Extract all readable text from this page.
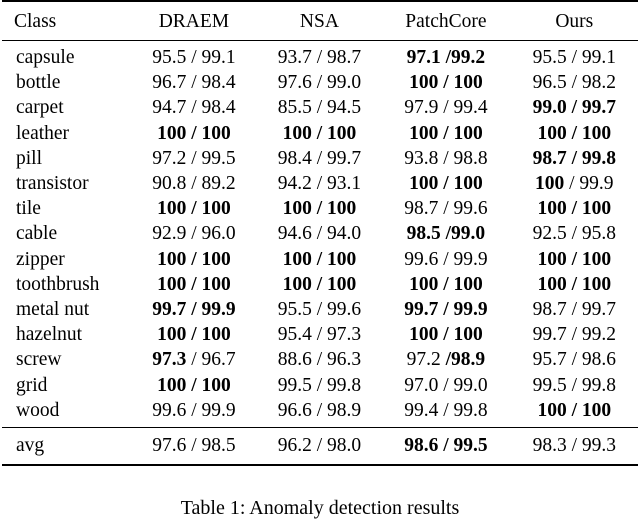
Class	DRAEM	NSA	PatchCore	Ours
capsule	95.5 / 99.1	93.7 / 98.7	97.1 /99.2	95.5 / 99.1
bottle	96.7 / 98.4	97.6 / 99.0	100 / 100	96.5 / 98.2
carpet	94.7 / 98.4	85.5 / 94.5	97.9 / 99.4	99.0 / 99.7
leather	100 / 100	100 / 100	100 / 100	100 / 100
pill	97.2 / 99.5	98.4 / 99.7	93.8 / 98.8	98.7 / 99.8
transistor	90.8 / 89.2	94.2 / 93.1	100 / 100	100 / 99.9
tile	100 / 100	100 / 100	98.7 / 99.6	100 / 100
cable	92.9 / 96.0	94.6 / 94.0	98.5 /99.0	92.5 / 95.8
zipper	100 / 100	100 / 100	99.6 / 99.9	100 / 100
toothbrush	100 / 100	100 / 100	100 / 100	100 / 100
metal nut	99.7 / 99.9	95.5 / 99.6	99.7 / 99.9	98.7 / 99.7
hazelnut	100 / 100	95.4 / 97.3	100 / 100	99.7 / 99.2
screw	97.3 / 96.7	88.6 / 96.3	97.2 /98.9	95.7 / 98.6
grid	100 / 100	99.5 / 99.8	97.0 / 99.0	99.5 / 99.8
wood	99.6 / 99.9	96.6 / 98.9	99.4 / 99.8	100 / 100
avg	97.6 / 98.5	96.2 / 98.0	98.6 / 99.5	98.3 / 99.3
Table 1: Anomaly detection results
